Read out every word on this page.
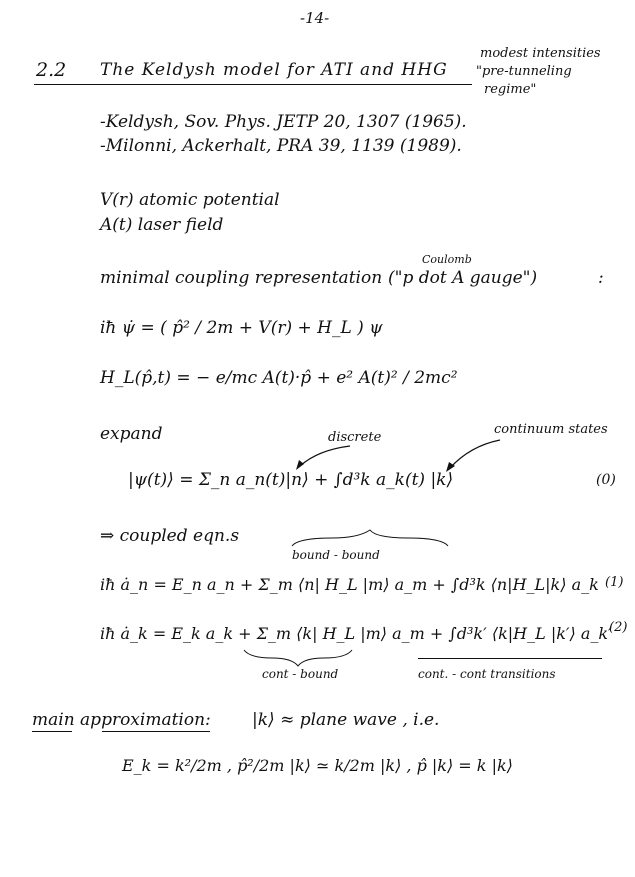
-14-
2.2 The Keldysh model for ATI and HHG
modest intensities
"pre-tunneling
regime"
-Keldysh, Sov. Phys. JETP 20, 1307 (1965).
-Milonni, Ackerhalt, PRA 39, 1139 (1989).
V(r) atomic potential
A(t) laser field
Coulomb
minimal coupling representation ("p dot A gauge")	:
iħ ψ̇ = ( p̂² / 2m + V(r) + H_L ) ψ
H_L(p̂,t) = − e/mc A(t)·p̂ + e² A(t)² / 2mc²
expand	discrete
continuum states
|ψ(t)⟩ = Σ_n a_n(t)|n⟩ + ∫d³k a_k(t) |k⟩	(0)
⇒ coupled eqn.s
bound - bound
iħ ȧ_n = E_n a_n + Σ_m ⟨n| H_L |m⟩ a_m + ∫d³k ⟨n|H_L|k⟩ a_k (1)
iħ ȧ_k = E_k a_k + Σ_m ⟨k| H_L |m⟩ a_m + ∫d³k′ ⟨k|H_L |k′⟩ a_k′
(2)
cont - bound	cont. - cont transitions
main approximation: |k⟩ ≈ plane wave , i.e.
E_k = k²/2m , p̂²/2m |k⟩ ≃ k/2m |k⟩ , p̂ |k⟩ = k |k⟩
